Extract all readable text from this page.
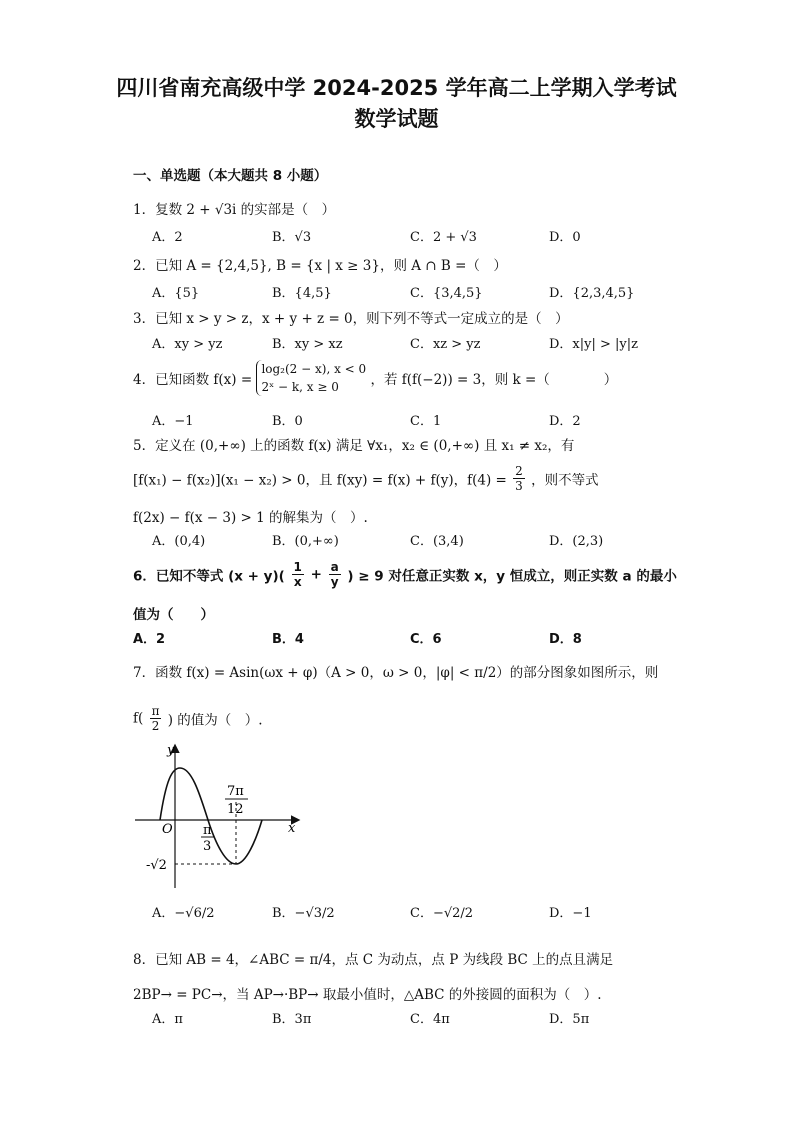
四川省南充高级中学 2024-2025 学年高二上学期入学考试
数学试题
一、单选题（本大题共 8 小题）
1．复数 2 + √3i 的实部是（　）
A．2	B．√3	C．2 + √3	D．0
2．已知 A = {2,4,5}, B = {x | x ≥ 3}，则 A ∩ B =（　）
A．{5}	B．{4,5}	C．{3,4,5}	D．{2,3,4,5}
3．已知 x > y > z，x + y + z = 0，则下列不等式一定成立的是（　）
A．xy > yz	B．xy > xz	C．xz > yz	D．x|y| > |y|z
4．已知函数 f(x) =
log₂(2 − x), x < 0
2ˣ − k, x ≥ 0	，若 f(f(−2)) = 3，则 k =（　　　　）
A．−1	B．0	C．1	D．2
5．定义在 (0,+∞) 上的函数 f(x) 满足 ∀x₁，x₂ ∈ (0,+∞) 且 x₁ ≠ x₂，有
[f(x₁) − f(x₂)](x₁ − x₂) > 0，且 f(xy) = f(x) + f(y)，$f(4) = \frac{2}{3}$ ，则不等式
f(2x) − f(x − 3) > 1 的解集为（　）.
A．(0,4)	B．(0,+∞)	C．(3,4)	D．(2,3)
6．已知不等式 $(x + y)( \frac{1}{x} + \frac{a}{y}$ ) ≥ 9 对任意正实数 x，y 恒成立，则正实数 a 的最小
值为（　　）
A．2	B．4	C．6	D．8
7．函数 f(x) = Asin(ωx + φ)（A > 0，ω > 0，|φ| < π/2）的部分图象如图所示，则
$f( \frac{\pi}{2}$ ) 的值为（　）.
y
x
O π
3
7π
12
-√2
A．−√6/2	B．−√3/2	C．−√2/2	D．−1
8．已知 AB = 4，∠ABC = π/4，点 C 为动点，点 P 为线段 BC 上的点且满足
2BP→ = PC→，当 AP→·BP→ 取最小值时，△ABC 的外接圆的面积为（　）.
A．π	B．3π	C．4π	D．5π
